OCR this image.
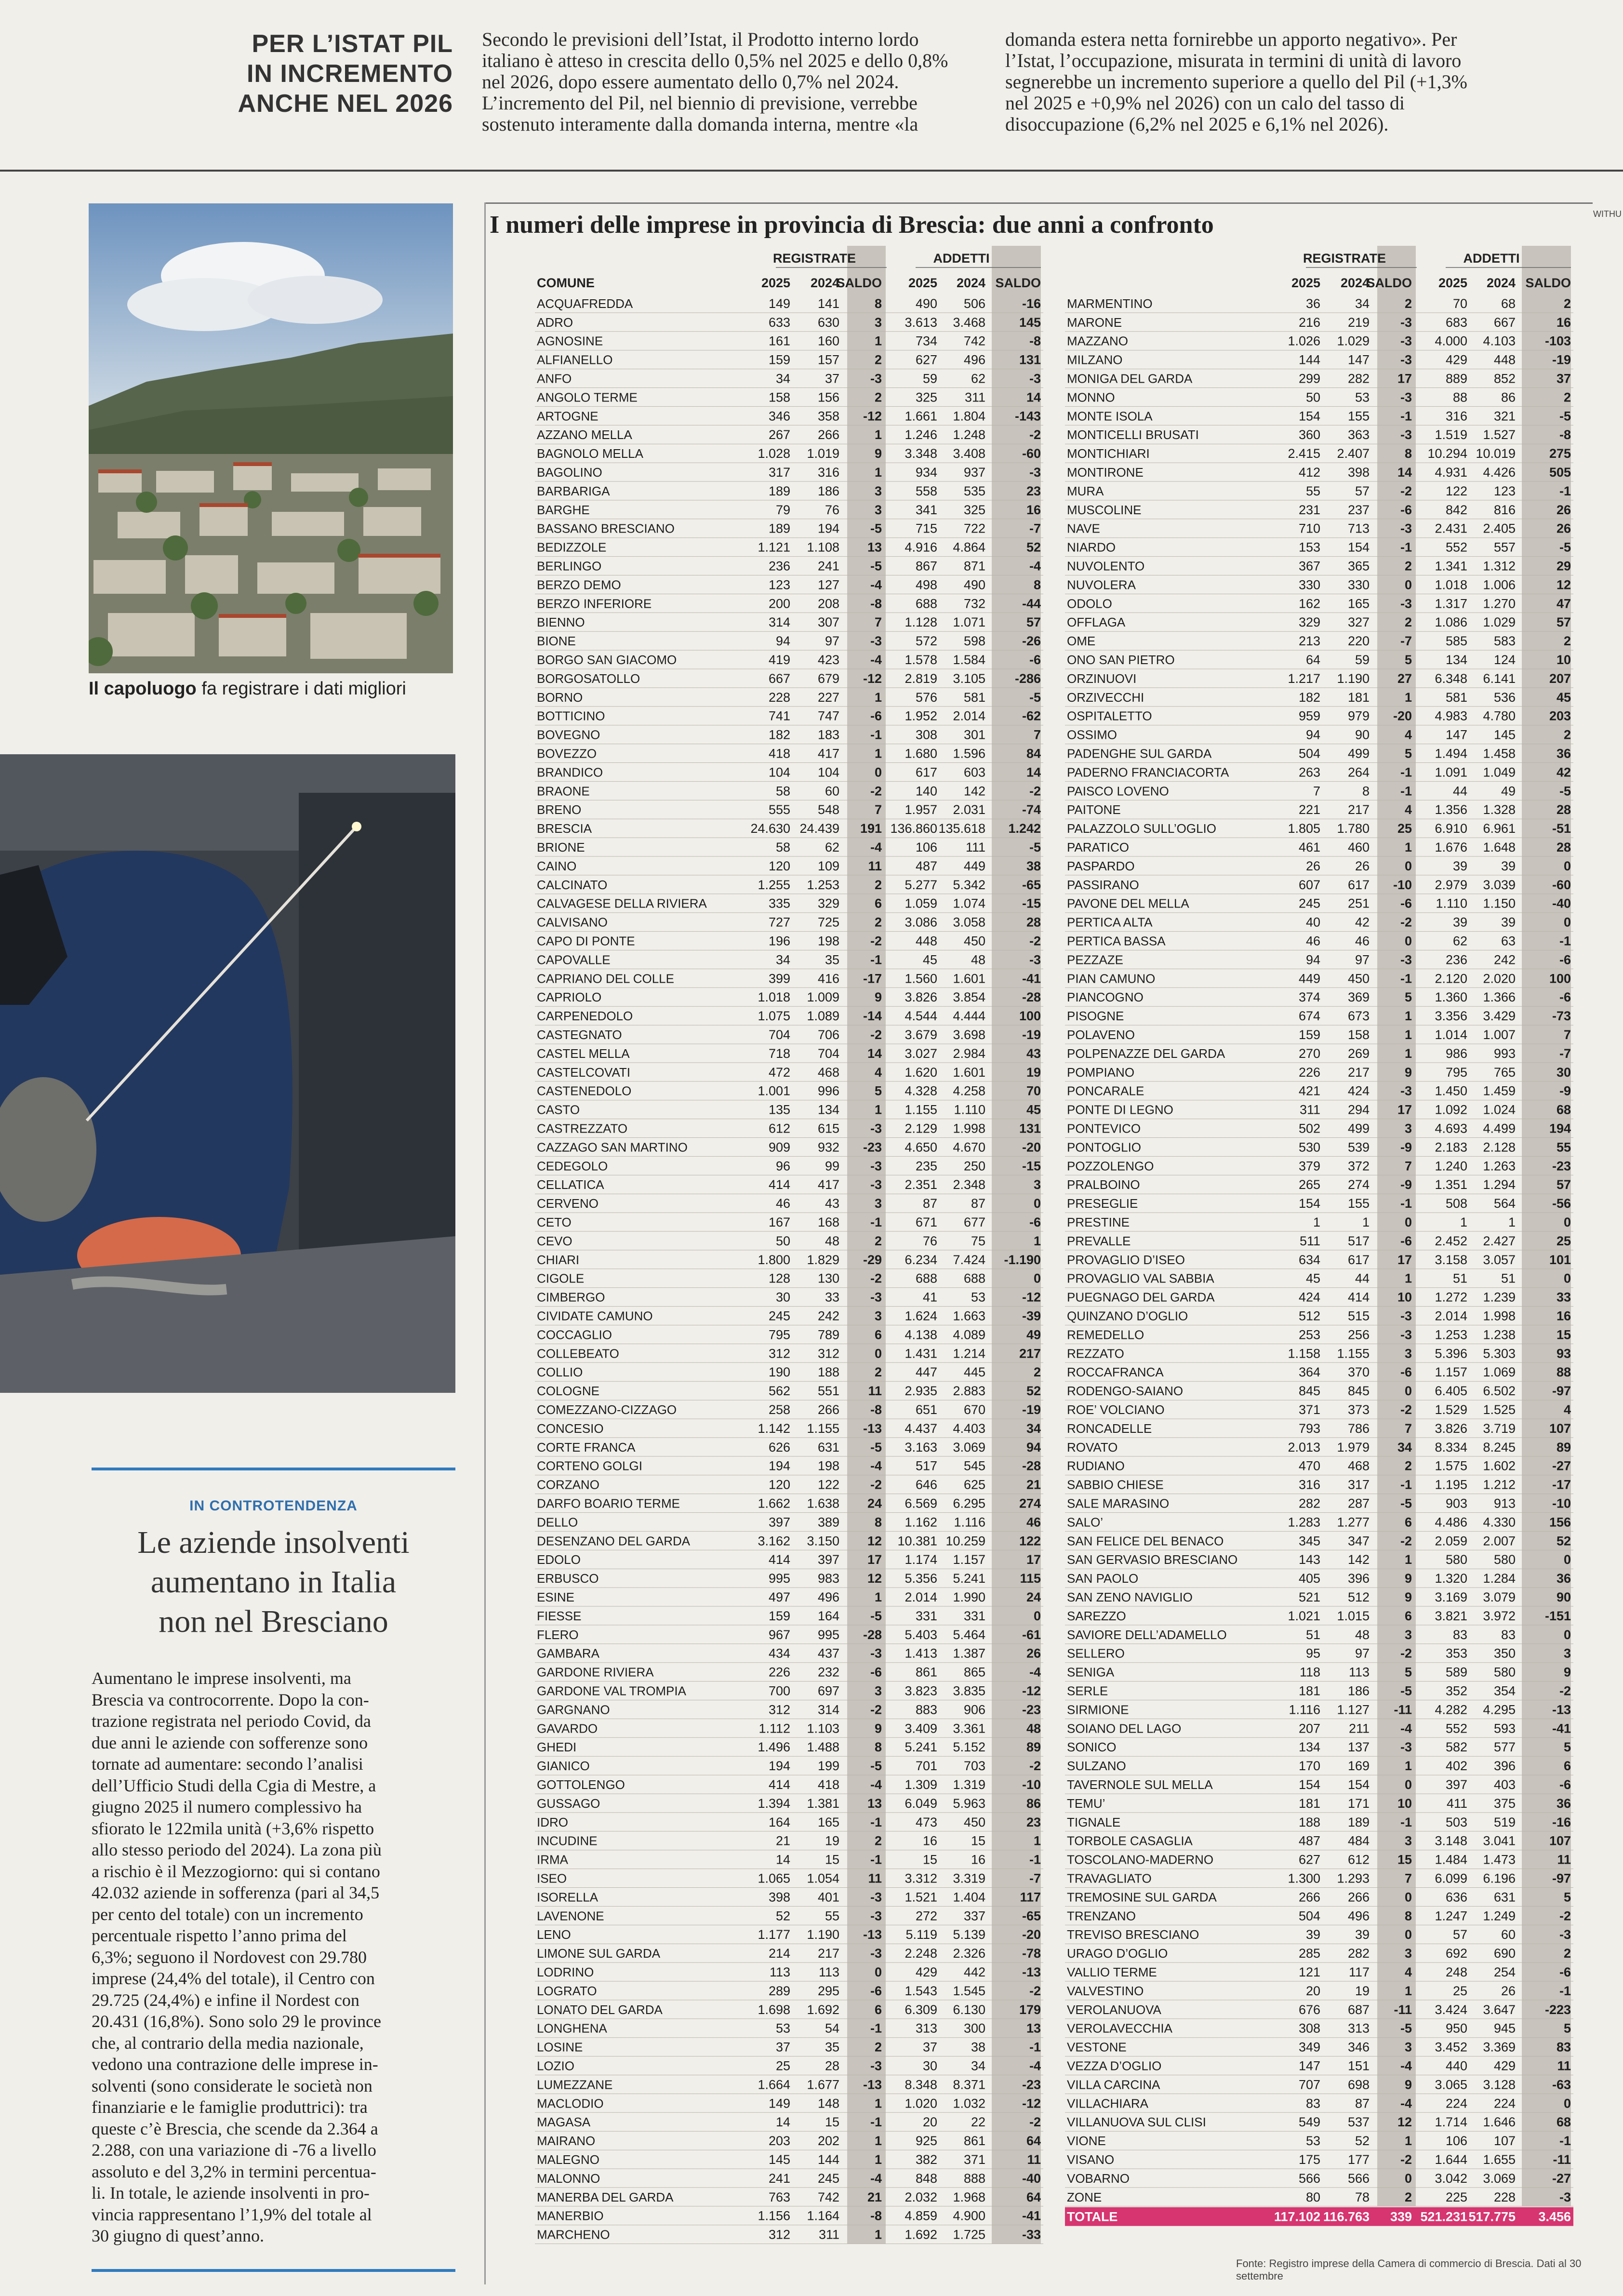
PER L’ISTAT PIL
IN INCREMENTO
ANCHE NEL 2026
Secondo le previsioni dell’Istat, il Prodotto interno lordo
italiano è atteso in crescita dello 0,5% nel 2025 e dello 0,8%
nel 2026, dopo essere aumentato dello 0,7% nel 2024.
L’incremento del Pil, nel biennio di previsione, verrebbe
sostenuto interamente dalla domanda interna, mentre «la
domanda estera netta fornirebbe un apporto negativo». Per
l’Istat, l’occupazione, misurata in termini di unità di lavoro
segnerebbe un incremento superiore a quello del Pil (+1,3%
nel 2025 e +0,9% nel 2026) con un calo del tasso di
disoccupazione (6,2% nel 2025 e 6,1% nel 2026).
Il capoluogo fa registrare i dati migliori
IN CONTROTENDENZA
Le aziende insolventi
aumentano in Italia
non nel Bresciano
Aumentano le imprese insolventi, ma
Brescia va controcorrente. Dopo la con-
trazione registrata nel periodo Covid, da
due anni le aziende con sofferenze sono
tornate ad aumentare: secondo l’analisi
dell’Ufficio Studi della Cgia di Mestre, a
giugno 2025 il numero complessivo ha
sfiorato le 122mila unità (+3,6% rispetto
allo stesso periodo del 2024). La zona più
a rischio è il Mezzogiorno: qui si contano
42.032 aziende in sofferenza (pari al 34,5
per cento del totale) con un incremento
percentuale rispetto l’anno prima del
6,3%; seguono il Nordovest con 29.780
imprese (24,4% del totale), il Centro con
29.725 (24,4%) e infine il Nordest con
20.431 (16,8%). Sono solo 29 le province
che, al contrario della media nazionale,
vedono una contrazione delle imprese in-
solventi (sono considerate le società non
finanziarie e le famiglie produttrici): tra
queste c’è Brescia, che scende da 2.364 a
2.288, con una variazione di -76 a livello
assoluto e del 3,2% in termini percentua-
li. In totale, le aziende insolventi in pro-
vincia rappresentano l’1,9% del totale al
30 giugno di quest’anno.
I numeri delle imprese in provincia di Brescia: due anni a confronto	WITHU
REGISTRATE	ADDETTI
COMUNE	2025 2024
SALDO 2025 2024 SALDO
ACQUAFREDDA	149 141	8	490 506	-16
ADRO	633 630	3 3.613 3.468	145
AGNOSINE	161 160	1	734 742	-8
ALFIANELLO	159 157	2	627 496	131
ANFO	34	37 -3	59	62	-3
ANGOLO TERME	158 156	2	325 311	14
ARTOGNE	346 358 -12 1.661 1.804 -143
AZZANO MELLA	267 266	1 1.246 1.248	-2
BAGNOLO MELLA	1.028 1.019	9 3.348 3.408	-60
BAGOLINO	317 316	1	934 937	-3
BARBARIGA	189 186	3	558 535	23
BARGHE	79	76	3	341 325	16
BASSANO BRESCIANO	189 194 -5	715 722	-7
BEDIZZOLE	1.121 1.108 13 4.916 4.864	52
BERLINGO	236 241 -5	867 871	-4
BERZO DEMO	123 127 -4	498 490	8
BERZO INFERIORE	200 208 -8	688 732	-44
BIENNO	314 307	7 1.128 1.071	57
BIONE	94	97 -3	572 598	-26
BORGO SAN GIACOMO	419 423 -4 1.578 1.584	-6
BORGOSATOLLO	667 679 -12 2.819 3.105 -286
BORNO	228 227	1	576 581	-5
BOTTICINO	741 747 -6 1.952 2.014	-62
BOVEGNO	182 183 -1	308 301	7
BOVEZZO	418 417	1 1.680 1.596	84
BRANDICO	104 104	0	617 603	14
BRAONE	58	60 -2	140 142	-2
BRENO	555 548	7 1.957 2.031	-74
BRESCIA	24.630 24.439 191 136.860 135.618 1.242
BRIONE	58	62 -4	106 111	-5
CAINO	120 109 11	487 449	38
CALCINATO	1.255 1.253	2 5.277 5.342	-65
CALVAGESE DELLA RIVIERA	335 329	6 1.059 1.074	-15
CALVISANO	727 725	2 3.086 3.058	28
CAPO DI PONTE	196 198 -2	448 450	-2
CAPOVALLE	34	35 -1	45	48	-3
CAPRIANO DEL COLLE	399 416 -17 1.560 1.601	-41
CAPRIOLO	1.018 1.009	9 3.826 3.854	-28
CARPENEDOLO	1.075 1.089 -14 4.544 4.444	100
CASTEGNATO	704 706 -2 3.679 3.698	-19
CASTEL MELLA	718 704 14 3.027 2.984	43
CASTELCOVATI	472 468	4 1.620 1.601	19
CASTENEDOLO	1.001 996	5 4.328 4.258	70
CASTO	135 134	1 1.155 1.110	45
CASTREZZATO	612 615 -3 2.129 1.998	131
CAZZAGO SAN MARTINO	909 932 -23 4.650 4.670	-20
CEDEGOLO	96	99 -3	235 250	-15
CELLATICA	414 417 -3 2.351 2.348	3
CERVENO	46	43	3	87	87	0
CETO	167 168 -1	671 677	-6
CEVO	50	48	2	76	75	1
CHIARI	1.800 1.829 -29 6.234 7.424 -1.190
CIGOLE	128 130 -2	688 688	0
CIMBERGO	30	33 -3	41	53	-12
CIVIDATE CAMUNO	245 242	3 1.624 1.663	-39
COCCAGLIO	795 789	6 4.138 4.089	49
COLLEBEATO	312 312	0 1.431 1.214	217
COLLIO	190 188	2	447 445	2
COLOGNE	562 551 11 2.935 2.883	52
COMEZZANO-CIZZAGO	258 266 -8	651 670	-19
CONCESIO	1.142 1.155 -13 4.437 4.403	34
CORTE FRANCA	626 631 -5 3.163 3.069	94
CORTENO GOLGI	194 198 -4	517 545	-28
CORZANO	120 122 -2	646 625	21
DARFO BOARIO TERME	1.662 1.638 24 6.569 6.295	274
DELLO	397 389	8 1.162 1.116	46
DESENZANO DEL GARDA	3.162 3.150 12 10.381 10.259	122
EDOLO	414 397 17 1.174 1.157	17
ERBUSCO	995 983 12 5.356 5.241	115
ESINE	497 496	1 2.014 1.990	24
FIESSE	159 164 -5	331 331	0
FLERO	967 995 -28 5.403 5.464	-61
GAMBARA	434 437 -3 1.413 1.387	26
GARDONE RIVIERA	226 232 -6	861 865	-4
GARDONE VAL TROMPIA	700 697	3 3.823 3.835	-12
GARGNANO	312 314 -2	883 906	-23
GAVARDO	1.112 1.103	9 3.409 3.361	48
GHEDI	1.496 1.488	8 5.241 5.152	89
GIANICO	194 199 -5	701 703	-2
GOTTOLENGO	414 418 -4 1.309 1.319	-10
GUSSAGO	1.394 1.381 13 6.049 5.963	86
IDRO	164 165 -1	473 450	23
INCUDINE	21	19	2	16	15	1
IRMA	14	15 -1	15	16	-1
ISEO	1.065 1.054 11 3.312 3.319	-7
ISORELLA	398 401 -3 1.521 1.404	117
LAVENONE	52	55 -3	272 337	-65
LENO	1.177 1.190 -13 5.119 5.139	-20
LIMONE SUL GARDA	214 217 -3 2.248 2.326	-78
LODRINO	113 113	0	429 442	-13
LOGRATO	289 295 -6 1.543 1.545	-2
LONATO DEL GARDA	1.698 1.692	6 6.309 6.130	179
LONGHENA	53	54 -1	313 300	13
LOSINE	37	35	2	37	38	-1
LOZIO	25	28 -3	30	34	-4
LUMEZZANE	1.664 1.677 -13 8.348 8.371	-23
MACLODIO	149 148	1 1.020 1.032	-12
MAGASA	14	15 -1	20	22	-2
MAIRANO	203 202	1	925 861	64
MALEGNO	145 144	1	382 371	11
MALONNO	241 245 -4	848 888	-40
MANERBA DEL GARDA	763 742 21 2.032 1.968	64
MANERBIO	1.156 1.164 -8 4.859 4.900	-41
MARCHENO	312 311	1 1.692 1.725	-33
REGISTRATE	ADDETTI
2025 2024
SALDO 2025 2024 SALDO
MARMENTINO	36	34	2	70	68	2
MARONE	216 219 -3	683 667	16
MAZZANO	1.026 1.029 -3 4.000 4.103 -103
MILZANO	144 147 -3	429 448	-19
MONIGA DEL GARDA	299 282 17	889 852	37
MONNO	50	53 -3	88	86	2
MONTE ISOLA	154 155 -1	316 321	-5
MONTICELLI BRUSATI	360 363 -3 1.519 1.527	-8
MONTICHIARI	2.415 2.407	8 10.294 10.019	275
MONTIRONE	412 398 14 4.931 4.426	505
MURA	55	57 -2	122 123	-1
MUSCOLINE	231 237 -6	842 816	26
NAVE	710 713 -3 2.431 2.405	26
NIARDO	153 154 -1	552 557	-5
NUVOLENTO	367 365	2 1.341 1.312	29
NUVOLERA	330 330	0 1.018 1.006	12
ODOLO	162 165 -3 1.317 1.270	47
OFFLAGA	329 327	2 1.086 1.029	57
OME	213 220 -7	585 583	2
ONO SAN PIETRO	64	59	5	134 124	10
ORZINUOVI	1.217 1.190 27 6.348 6.141	207
ORZIVECCHI	182 181	1	581 536	45
OSPITALETTO	959 979 -20 4.983 4.780	203
OSSIMO	94	90	4	147 145	2
PADENGHE SUL GARDA	504 499	5 1.494 1.458	36
PADERNO FRANCIACORTA	263 264 -1 1.091 1.049	42
PAISCO LOVENO	7	8 -1	44	49	-5
PAITONE	221 217	4 1.356 1.328	28
PALAZZOLO SULL’OGLIO	1.805 1.780 25 6.910 6.961	-51
PARATICO	461 460	1 1.676 1.648	28
PASPARDO	26	26	0	39	39	0
PASSIRANO	607 617 -10 2.979 3.039	-60
PAVONE DEL MELLA	245 251 -6 1.110 1.150	-40
PERTICA ALTA	40	42 -2	39	39	0
PERTICA BASSA	46	46	0	62	63	-1
PEZZAZE	94	97 -3	236 242	-6
PIAN CAMUNO	449 450 -1 2.120 2.020	100
PIANCOGNO	374 369	5 1.360 1.366	-6
PISOGNE	674 673	1 3.356 3.429	-73
POLAVENO	159 158	1 1.014 1.007	7
POLPENAZZE DEL GARDA	270 269	1	986 993	-7
POMPIANO	226 217	9	795 765	30
PONCARALE	421 424 -3 1.450 1.459	-9
PONTE DI LEGNO	311 294 17 1.092 1.024	68
PONTEVICO	502 499	3 4.693 4.499	194
PONTOGLIO	530 539 -9 2.183 2.128	55
POZZOLENGO	379 372	7 1.240 1.263	-23
PRALBOINO	265 274 -9 1.351 1.294	57
PRESEGLIE	154 155 -1	508 564	-56
PRESTINE	1	1	0	1	1	0
PREVALLE	511 517 -6 2.452 2.427	25
PROVAGLIO D’ISEO	634 617 17 3.158 3.057	101
PROVAGLIO VAL SABBIA	45	44	1	51	51	0
PUEGNAGO DEL GARDA	424 414 10 1.272 1.239	33
QUINZANO D’OGLIO	512 515 -3 2.014 1.998	16
REMEDELLO	253 256 -3 1.253 1.238	15
REZZATO	1.158 1.155	3 5.396 5.303	93
ROCCAFRANCA	364 370 -6 1.157 1.069	88
RODENGO-SAIANO	845 845	0 6.405 6.502	-97
ROE’ VOLCIANO	371 373 -2 1.529 1.525	4
RONCADELLE	793 786	7 3.826 3.719	107
ROVATO	2.013 1.979 34 8.334 8.245	89
RUDIANO	470 468	2 1.575 1.602	-27
SABBIO CHIESE	316 317 -1 1.195 1.212	-17
SALE MARASINO	282 287 -5	903 913	-10
SALO’	1.283 1.277	6 4.486 4.330	156
SAN FELICE DEL BENACO	345 347 -2 2.059 2.007	52
SAN GERVASIO BRESCIANO	143 142	1	580 580	0
SAN PAOLO	405 396	9 1.320 1.284	36
SAN ZENO NAVIGLIO	521 512	9 3.169 3.079	90
SAREZZO	1.021 1.015	6 3.821 3.972 -151
SAVIORE DELL’ADAMELLO	51	48	3	83	83	0
SELLERO	95	97 -2	353 350	3
SENIGA	118 113	5	589 580	9
SERLE	181 186 -5	352 354	-2
SIRMIONE	1.116 1.127 -11 4.282 4.295	-13
SOIANO DEL LAGO	207 211 -4	552 593	-41
SONICO	134 137 -3	582 577	5
SULZANO	170 169	1	402 396	6
TAVERNOLE SUL MELLA	154 154	0	397 403	-6
TEMU’	181 171 10	411 375	36
TIGNALE	188 189 -1	503 519	-16
TORBOLE CASAGLIA	487 484	3 3.148 3.041	107
TOSCOLANO-MADERNO	627 612 15 1.484 1.473	11
TRAVAGLIATO	1.300 1.293	7 6.099 6.196	-97
TREMOSINE SUL GARDA	266 266	0	636 631	5
TRENZANO	504 496	8 1.247 1.249	-2
TREVISO BRESCIANO	39	39	0	57	60	-3
URAGO D’OGLIO	285 282	3	692 690	2
VALLIO TERME	121 117	4	248 254	-6
VALVESTINO	20	19	1	25	26	-1
VEROLANUOVA	676 687 -11 3.424 3.647 -223
VEROLAVECCHIA	308 313 -5	950 945	5
VESTONE	349 346	3 3.452 3.369	83
VEZZA D’OGLIO	147 151 -4	440 429	11
VILLA CARCINA	707 698	9 3.065 3.128	-63
VILLACHIARA	83	87 -4	224 224	0
VILLANUOVA SUL CLISI	549 537 12 1.714 1.646	68
VIONE	53	52	1	106 107	-1
VISANO	175 177 -2 1.644 1.655	-11
VOBARNO	566 566	0 3.042 3.069	-27
ZONE	80	78	2	225 228	-3
TOTALE	117.102 116.763 339 521.231 517.775 3.456
Fonte: Registro imprese della Camera di commercio di Brescia. Dati al 30 settembre
